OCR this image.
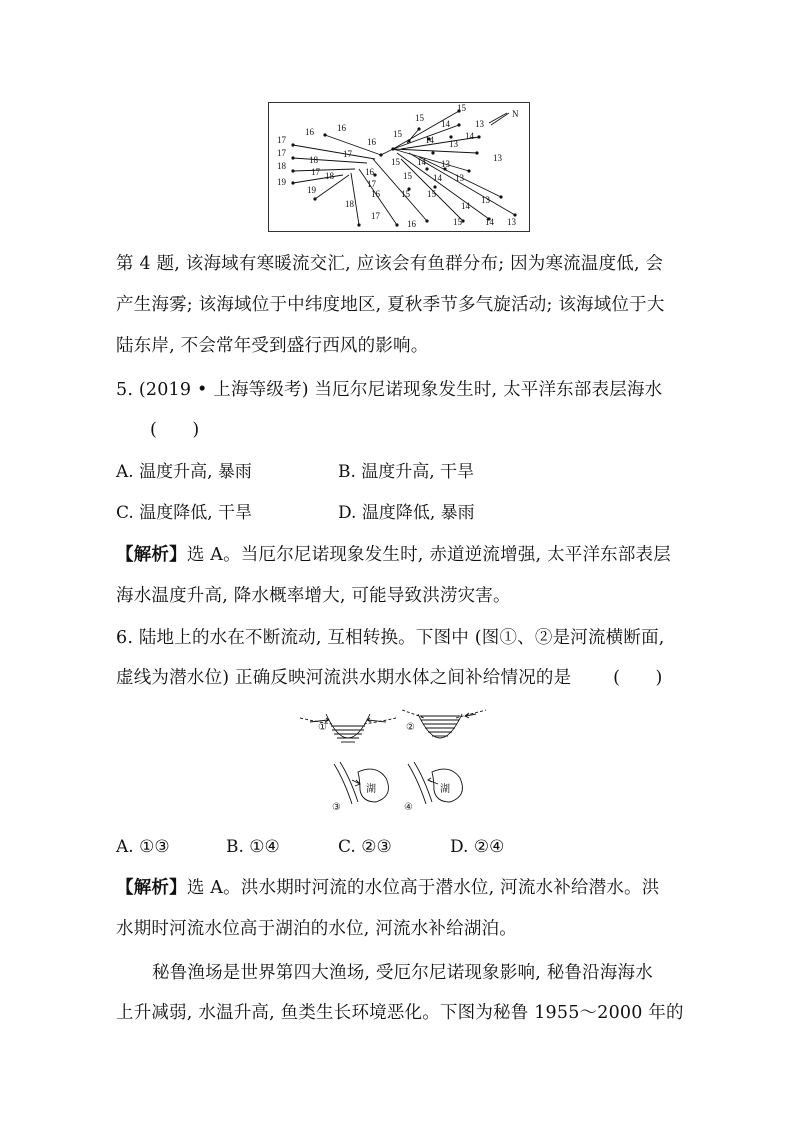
N
17
16	16
16
17	17
18
18
17
19
19
18	16
17
16
18
17
16
15
15
14
14
13
13
15 14 13
15
15
14 13
15
14
13
15	14 13
15
14
13
第 4 题, 该海域有寒暖流交汇, 应该会有鱼群分布; 因为寒流温度低, 会
产生海雾; 该海域位于中纬度地区, 夏秋季节多气旋活动; 该海域位于大
陆东岸, 不会常年受到盛行西风的影响。
5. (2019 • 上海等级考) 当厄尔尼诺现象发生时, 太平洋东部表层海水
(　　)
A. 温度升高, 暴雨	B. 温度升高, 干旱
C. 温度降低, 干旱	D. 温度降低, 暴雨
【解析】选 A。当厄尔尼诺现象发生时, 赤道逆流增强, 太平洋东部表层
海水温度升高, 降水概率增大, 可能导致洪涝灾害。
6. 陆地上的水在不断流动, 互相转换。下图中 (图①、②是河流横断面,
虚线为潜水位) 正确反映河流洪水期水体之间补给情况的是 (　　)
①	②
湖
③
湖
④
A. ①③	B. ①④	C. ②③	D. ②④
【解析】选 A。洪水期时河流的水位高于潜水位, 河流水补给潜水。洪
水期时河流水位高于湖泊的水位, 河流水补给湖泊。
秘鲁渔场是世界第四大渔场, 受厄尔尼诺现象影响, 秘鲁沿海海水
上升减弱, 水温升高, 鱼类生长环境恶化。下图为秘鲁 1955～2000 年的
